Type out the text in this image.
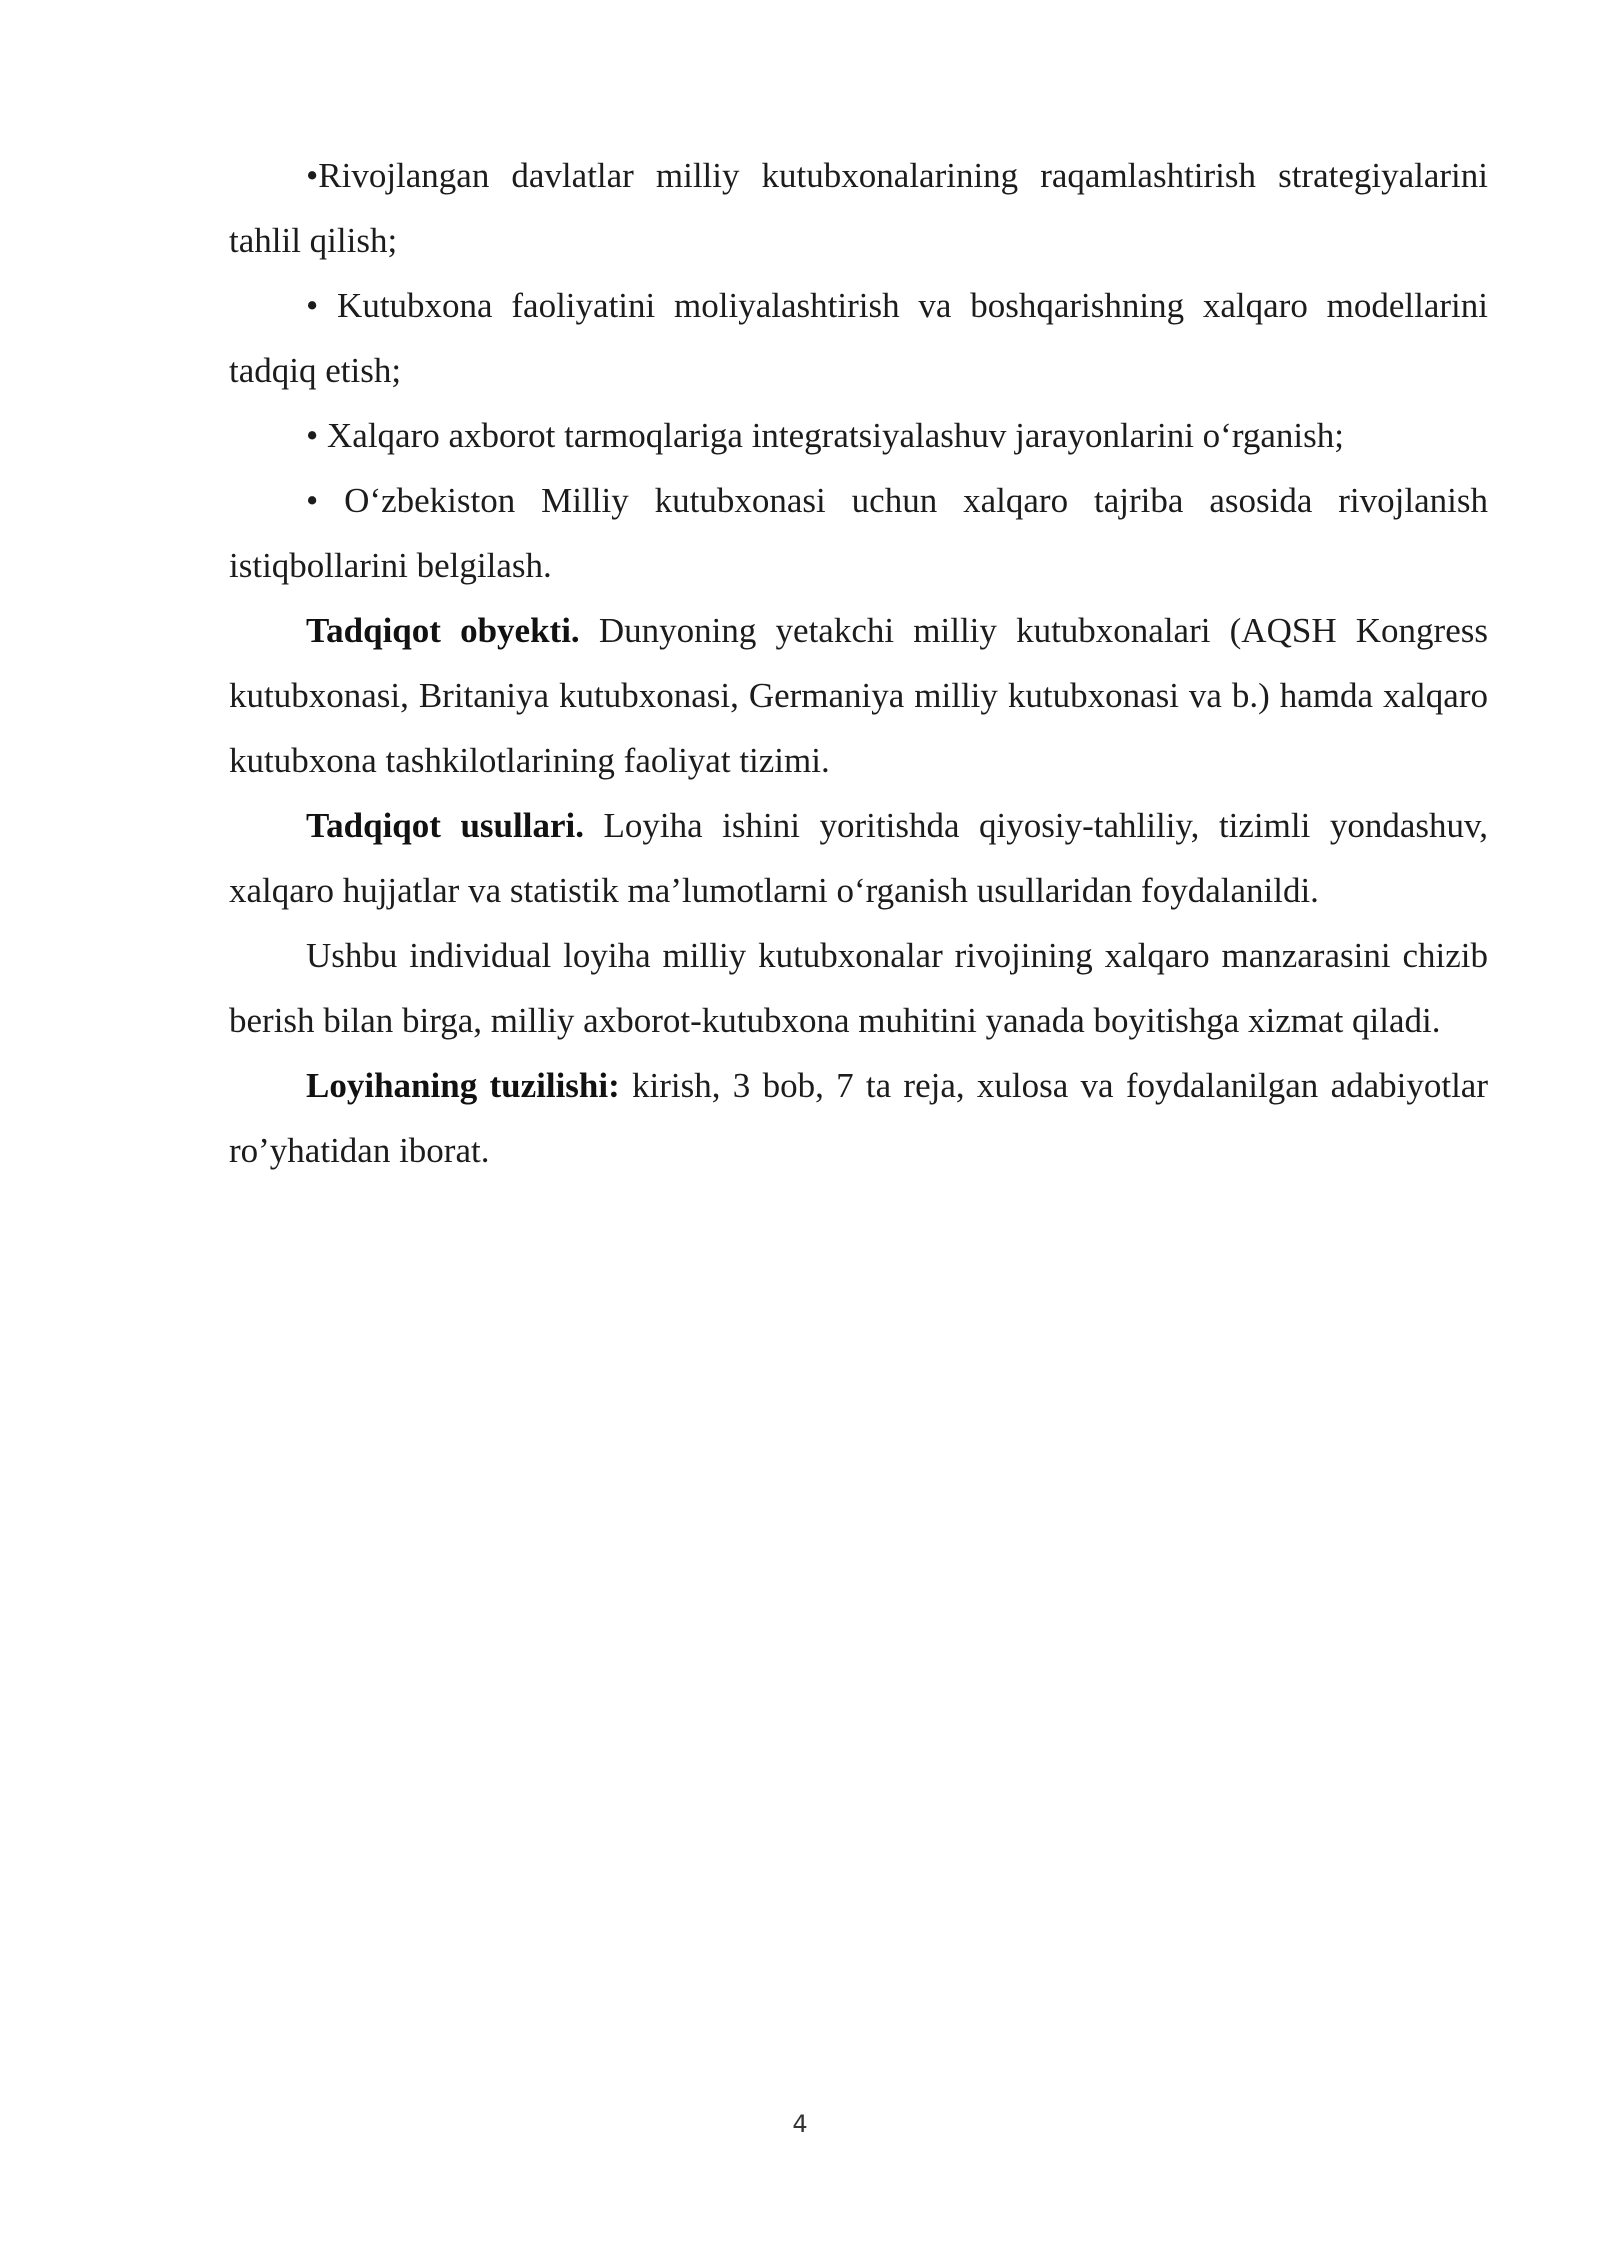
•Rivojlangan davlatlar milliy kutubxonalarining raqamlashtirish strategiyalarini tahlil qilish;

• Kutubxona faoliyatini moliyalashtirish va boshqarishning xalqaro modellarini tadqiq etish;

• Xalqaro axborot tarmoqlariga integratsiyalashuv jarayonlarini o‘rganish;

• O‘zbekiston Milliy kutubxonasi uchun xalqaro tajriba asosida rivojlanish istiqbollarini belgilash.

Tadqiqot obyekti. Dunyoning yetakchi milliy kutubxonalari (AQSH Kongress kutubxonasi, Britaniya kutubxonasi, Germaniya milliy kutubxonasi va b.) hamda xalqaro kutubxona tashkilotlarining faoliyat tizimi.

Tadqiqot usullari. Loyiha ishini yoritishda qiyosiy-tahliliy, tizimli yondashuv, xalqaro hujjatlar va statistik ma’lumotlarni o‘rganish usullaridan foydalanildi.

Ushbu individual loyiha milliy kutubxonalar rivojining xalqaro manzarasini chizib berish bilan birga, milliy axborot-kutubxona muhitini yanada boyitishga xizmat qiladi.

Loyihaning tuzilishi: kirish, 3 bob, 7 ta reja, xulosa va foydalanilgan adabiyotlar ro’yhatidan iborat.

4
